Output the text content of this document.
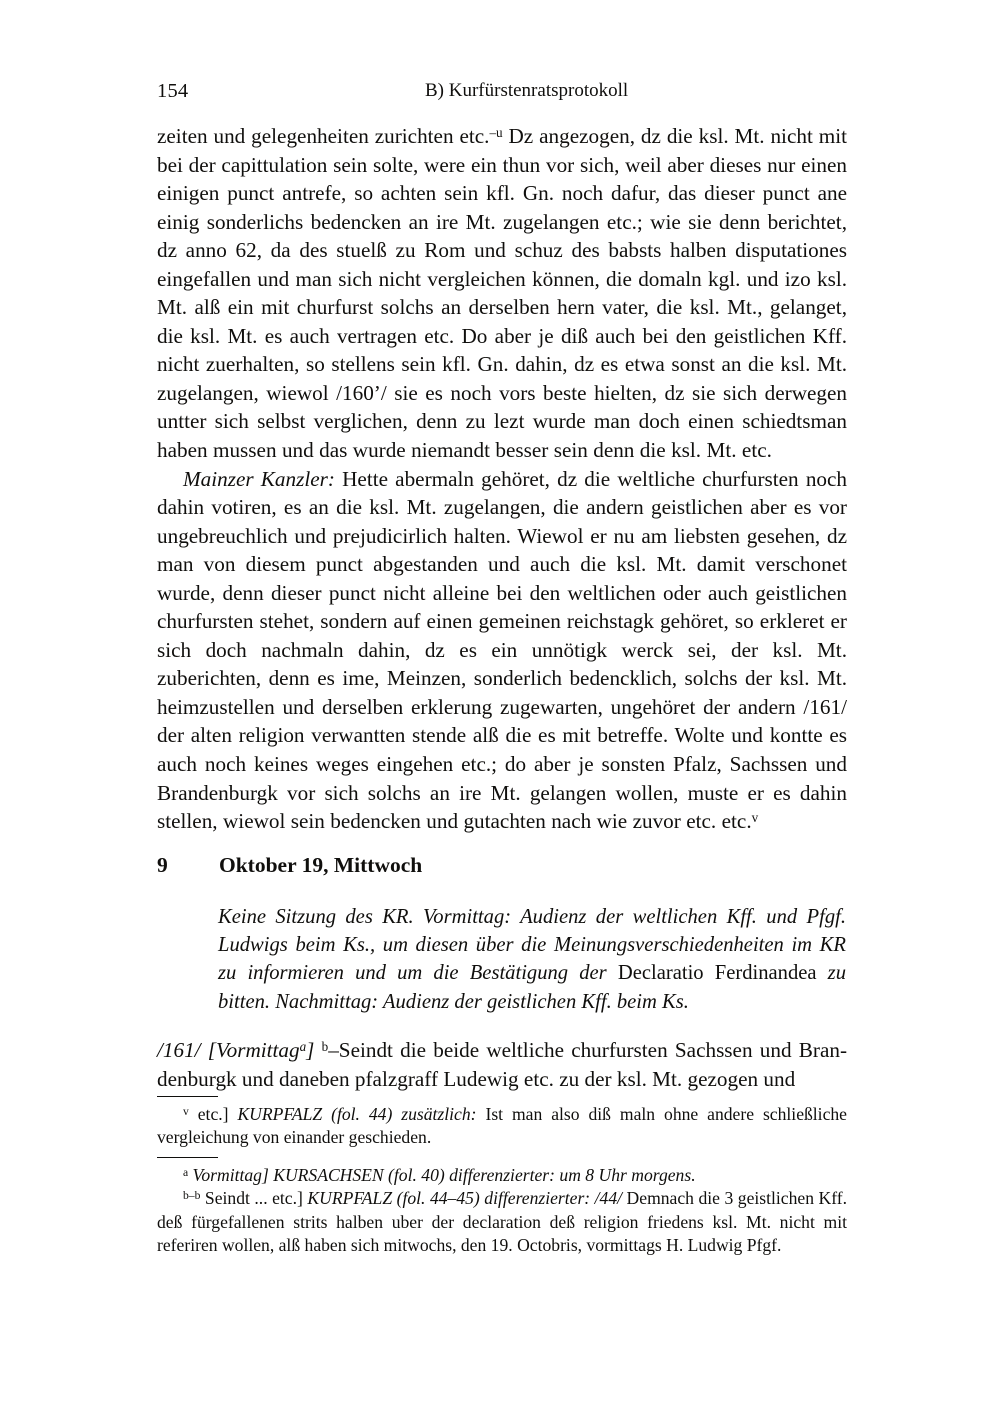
154	B) Kurfürstenratsprotokoll

zeiten und gelegenheiten zurichten etc.$^{-u}$ Dz angezogen, dz die ksl. Mt. nicht mit bei der capittulation sein solte, were ein thun vor sich, weil aber dieses nur einen einigen punct antrefe, so achten sein kfl. Gn. noch dafur, das dieser punct ane einig sonderlichs bedencken an ire Mt. zugelangen etc.; wie sie denn berichtet, dz anno 62, da des stuelß zu Rom und schuz des babsts halben disputationes eingefallen und man sich nicht vergleichen können, die domaln kgl. und izo ksl. Mt. alß ein mit churfurst solchs an derselben hern vater, die ksl. Mt., gelanget, die ksl. Mt. es auch vertragen etc. Do aber je diß auch bei den geistlichen Kff. nicht zuerhalten, so stellens sein kfl. Gn. dahin, dz es etwa sonst an die ksl. Mt. zugelangen, wiewol /160’/ sie es noch vors beste hielten, dz sie sich derwegen untter sich selbst verglichen, denn zu lezt wurde man doch einen schiedtsman haben mussen und das wurde niemandt besser sein denn die ksl. Mt. etc.

Mainzer Kanzler: Hette abermaln gehöret, dz die weltliche churfursten noch dahin votiren, es an die ksl. Mt. zugelangen, die andern geistlichen aber es vor ungebreuchlich und prejudicirlich halten. Wiewol er nu am liebsten gesehen, dz man von diesem punct abgestanden und auch die ksl. Mt. damit verschonet wurde, denn dieser punct nicht alleine bei den weltlichen oder auch geistlichen churfursten stehet, sondern auf einen gemeinen reichstagk gehöret, so erkleret er sich doch nachmaln dahin, dz es ein unnötigk werck sei, der ksl. Mt. zuberichten, denn es ime, Meinzen, sonderlich bedencklich, solchs der ksl. Mt. heimzustellen und derselben erklerung zugewarten, ungehöret der andern /161/ der alten religion verwantten stende alß die es mit betreffe. Wolte und kontte es auch noch keines weges eingehen etc.; do aber je sonsten Pfalz, Sachssen und Brandenburgk vor sich solchs an ire Mt. gelangen wollen, muste er es dahin stellen, wiewol sein bedencken und gutachten nach wie zuvor etc. etc.$^v$

9 Oktober 19, Mittwoch
Keine Sitzung des KR. Vormittag: Audienz der weltlichen Kff. und Pfgf. Ludwigs beim Ks., um diesen über die Meinungsverschiedenheiten im KR zu informieren und um die Bestätigung der Declaratio Ferdinandea zu bitten. Nachmittag: Audienz der geistlichen Kff. beim Ks.
/161/ [Vormittag$^a$] $^b$–Seindt die beide weltliche churfursten Sachssen und Bran-denburgk und daneben pfalzgraff Ludewig etc. zu der ksl. Mt. gezogen und

$^v$ etc.] KURPFALZ (fol. 44) zusätzlich: Ist man also diß maln ohne andere schließliche vergleichung von einander geschieden.

$^a$ Vormittag] KURSACHSEN (fol. 40) differenzierter: um 8 Uhr morgens.

$^{b-b}$ Seindt ... etc.] KURPFALZ (fol. 44–45) differenzierter: /44/ Demnach die 3 geistlichen Kff. deß fürgefallenen strits halben uber der declaration deß religion friedens ksl. Mt. nicht mit referiren wollen, alß haben sich mitwochs, den 19. Octobris, vormittags H. Ludwig Pfgf.
